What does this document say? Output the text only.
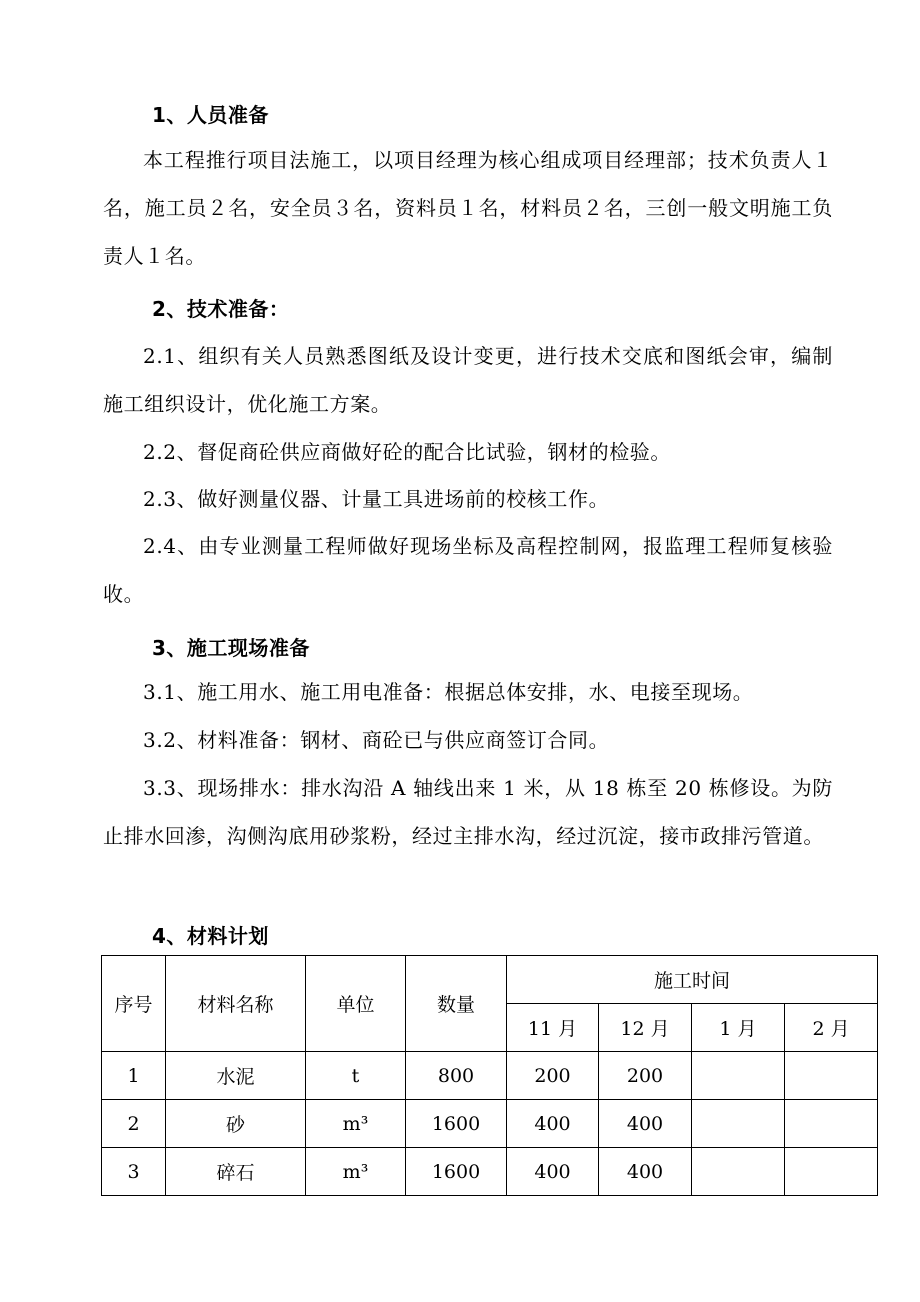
1、人员准备

本工程推行项目法施工，以项目经理为核心组成项目经理部；技术负责人１名，施工员２名，安全员３名，资料员１名，材料员２名，三创一般文明施工负责人１名。

2、技术准备：

2.1、组织有关人员熟悉图纸及设计变更，进行技术交底和图纸会审，编制施工组织设计，优化施工方案。

2.2、督促商砼供应商做好砼的配合比试验，钢材的检验。

2.3、做好测量仪器、计量工具进场前的校核工作。

2.4、由专业测量工程师做好现场坐标及高程控制网，报监理工程师复核验收。

3、施工现场准备

3.1、施工用水、施工用电准备：根据总体安排，水、电接至现场。

3.2、材料准备：钢材、商砼已与供应商签订合同。

3.3、现场排水：排水沟沿 A 轴线出来 1 米，从 18 栋至 20 栋修设。为防止排水回渗，沟侧沟底用砂浆粉，经过主排水沟，经过沉淀，接市政排污管道。

4、材料计划
序号	材料名称	单位	数量	施工时间			
				11 月	12 月	1 月	2 月
1	水泥	t	800	200	200		
2	砂	m³	1600	400	400		
3	碎石	m³	1600	400	400		
